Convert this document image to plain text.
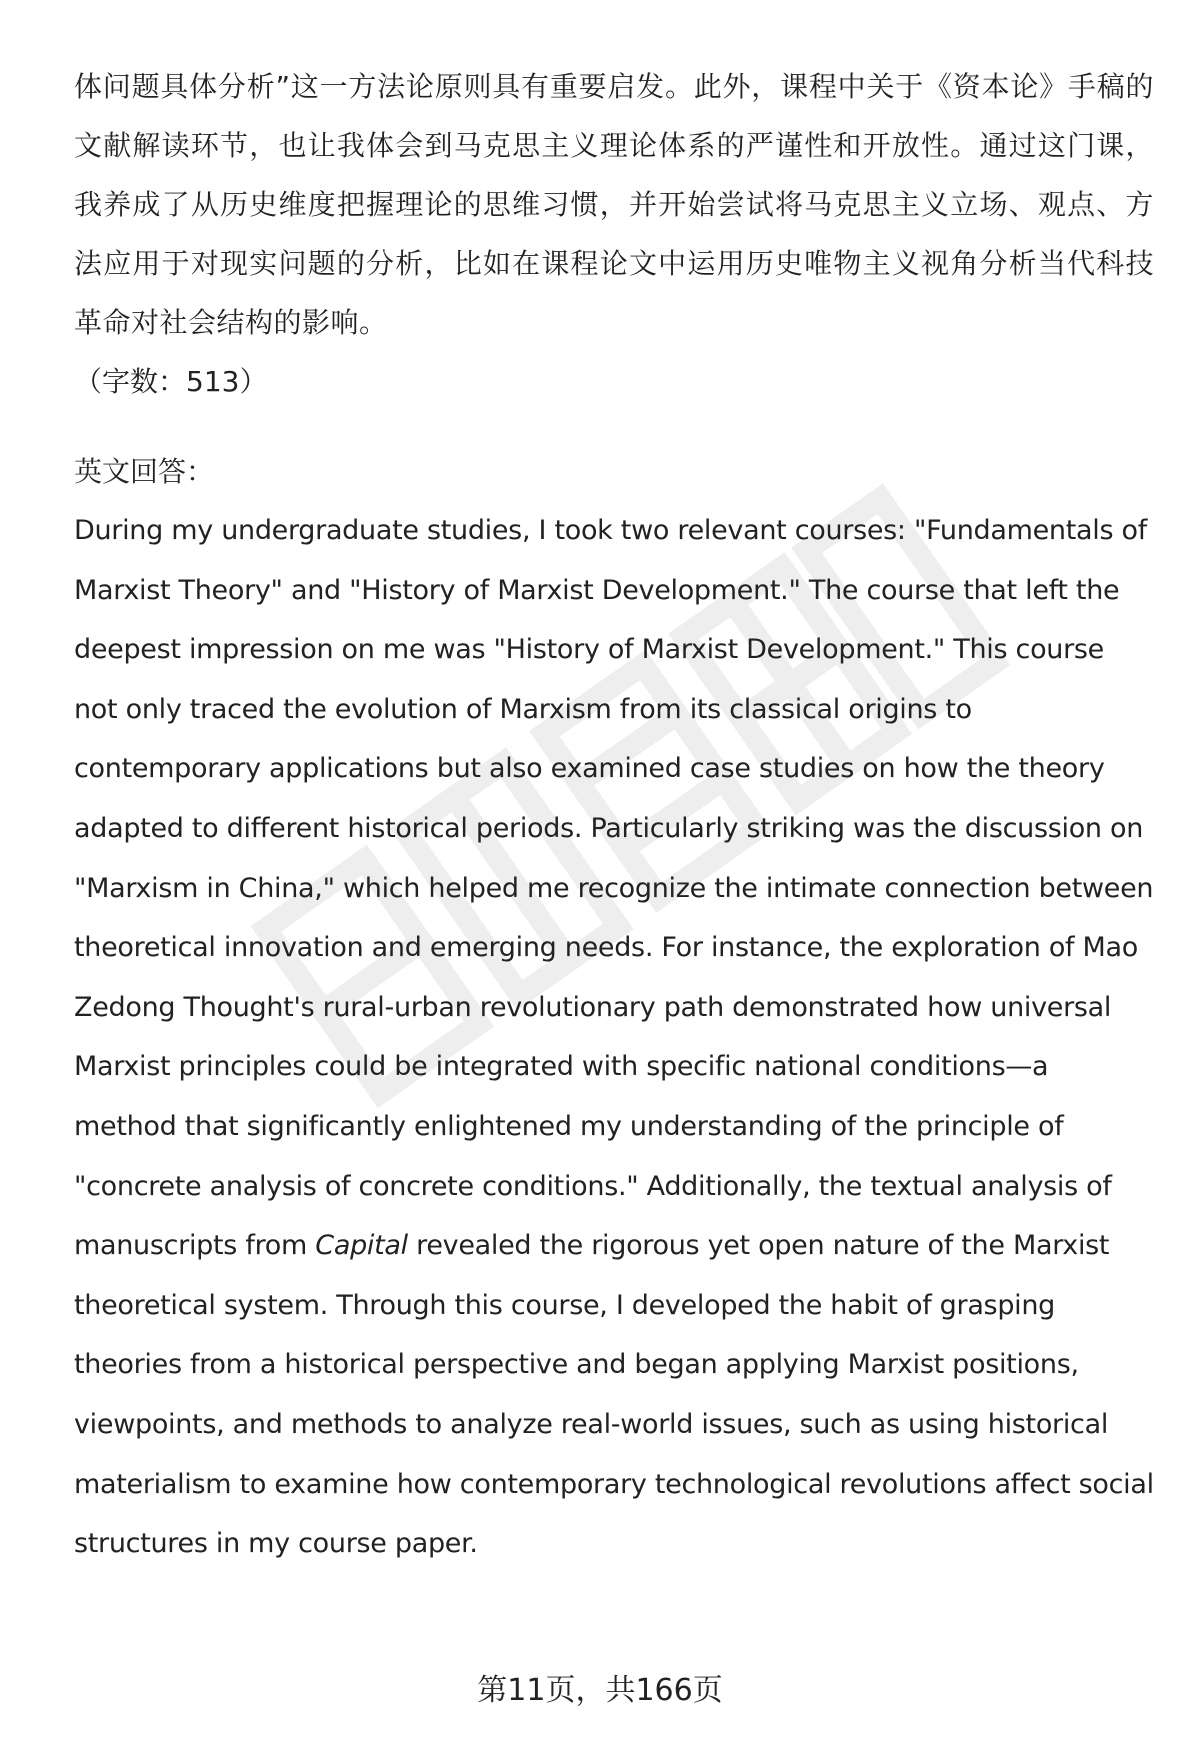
体问题具体分析”这一方法论原则具有重要启发。此外，课程中关于《资本论》手稿的文献解读环节，也让我体会到马克思主义理论体系的严谨性和开放性。通过这门课，我养成了从历史维度把握理论的思维习惯，并开始尝试将马克思主义立场、观点、方法应用于对现实问题的分析，比如在课程论文中运用历史唯物主义视角分析当代科技革命对社会结构的影响。

（字数：513）

英文回答：

During my undergraduate studies, I took two relevant courses: "Fundamentals of Marxist Theory" and "History of Marxist Development." The course that left the deepest impression on me was "History of Marxist Development." This course not only traced the evolution of Marxism from its classical origins to contemporary applications but also examined case studies on how the theory adapted to different historical periods. Particularly striking was the discussion on "Marxism in China," which helped me recognize the intimate connection between theoretical innovation and emerging needs. For instance, the exploration of Mao Zedong Thought's rural-urban revolutionary path demonstrated how universal Marxist principles could be integrated with specific national conditions—a method that significantly enlightened my understanding of the principle of "concrete analysis of concrete conditions." Additionally, the textual analysis of manuscripts from Capital revealed the rigorous yet open nature of the Marxist theoretical system. Through this course, I developed the habit of grasping theories from a historical perspective and began applying Marxist positions, viewpoints, and methods to analyze real-world issues, such as using historical materialism to examine how contemporary technological revolutions affect social structures in my course paper.

第11页，共166页
